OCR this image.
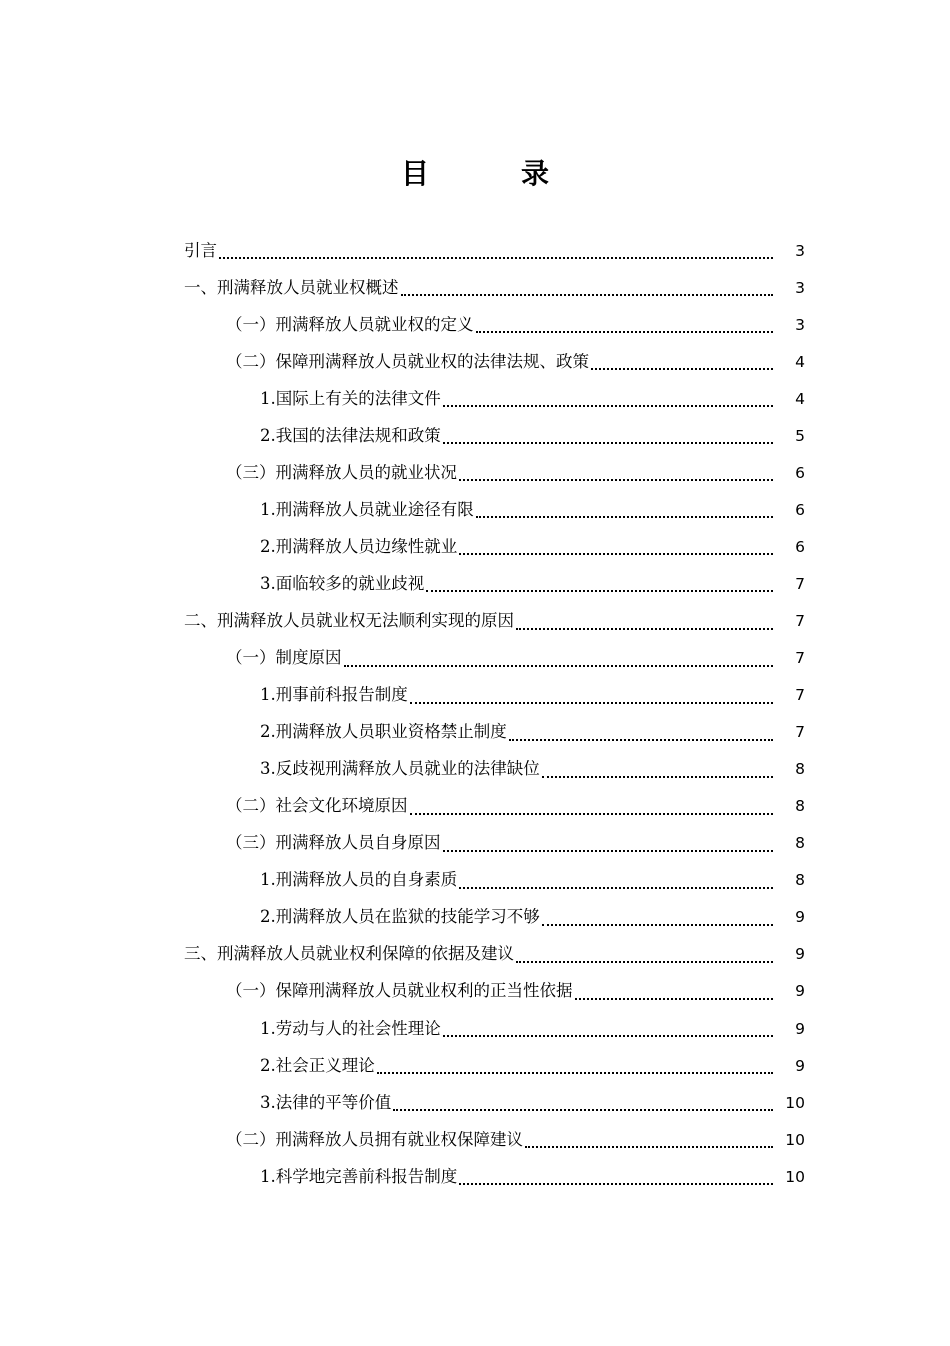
目	录
引言	3
一、刑满释放人员就业权概述	3
（一）刑满释放人员就业权的定义	3
（二）保障刑满释放人员就业权的法律法规、政策	4
1.国际上有关的法律文件	4
2.我国的法律法规和政策	5
（三）刑满释放人员的就业状况	6
1.刑满释放人员就业途径有限	6
2.刑满释放人员边缘性就业	6
3.面临较多的就业歧视	7
二、刑满释放人员就业权无法顺利实现的原因	7
（一）制度原因	7
1.刑事前科报告制度	7
2.刑满释放人员职业资格禁止制度	7
3.反歧视刑满释放人员就业的法律缺位	8
（二）社会文化环境原因	8
（三）刑满释放人员自身原因	8
1.刑满释放人员的自身素质	8
2.刑满释放人员在监狱的技能学习不够	9
三、刑满释放人员就业权利保障的依据及建议	9
（一）保障刑满释放人员就业权利的正当性依据	9
1.劳动与人的社会性理论	9
2.社会正义理论	9
3.法律的平等价值	10
（二）刑满释放人员拥有就业权保障建议	10
1.科学地完善前科报告制度	10
